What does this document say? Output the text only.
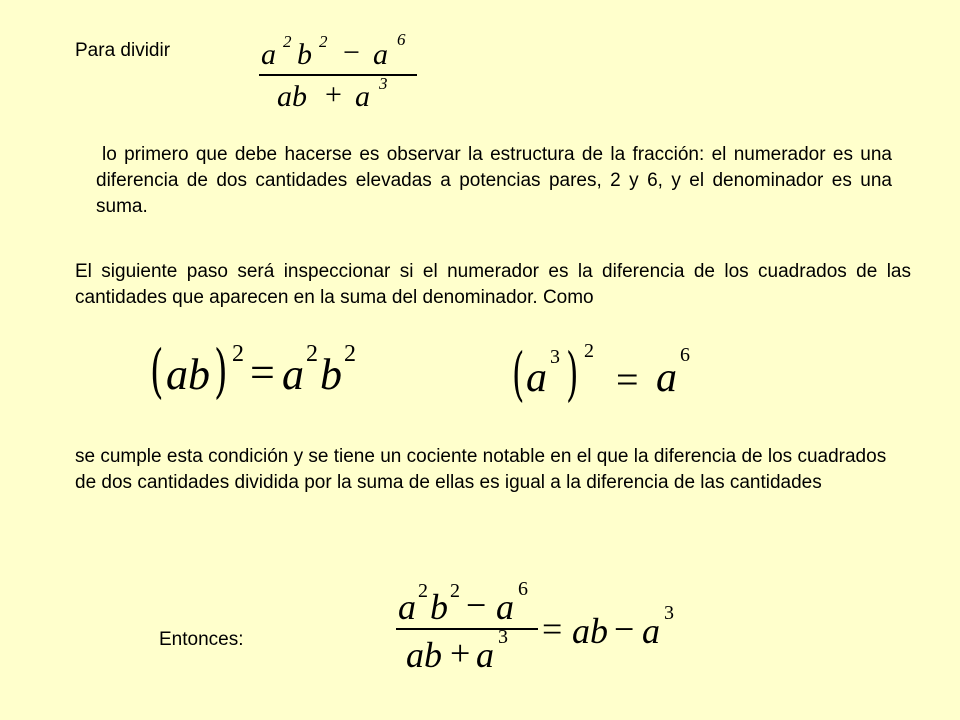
Para dividir	a 2 b 2 − a 6
ab + a 3
lo primero que debe hacerse es observar la estructura de la fracción: el numerador es una diferencia de dos cantidades elevadas a potencias pares, 2 y 6, y el denominador es una suma.
El siguiente paso será inspeccionar si el numerador es la diferencia de los cuadrados de las cantidades que aparecen en la suma del denominador. Como
( ab ) 2 = a 2 b 2	( a 3 ) 2
= a 6
se cumple esta condición y se tiene un cociente notable en el que la diferencia de los cuadrados de dos cantidades dividida por la suma de ellas es igual a la diferencia de las cantidades
Entonces:
a 2 b 2 − a 6
ab + a 3 = ab − a 3
